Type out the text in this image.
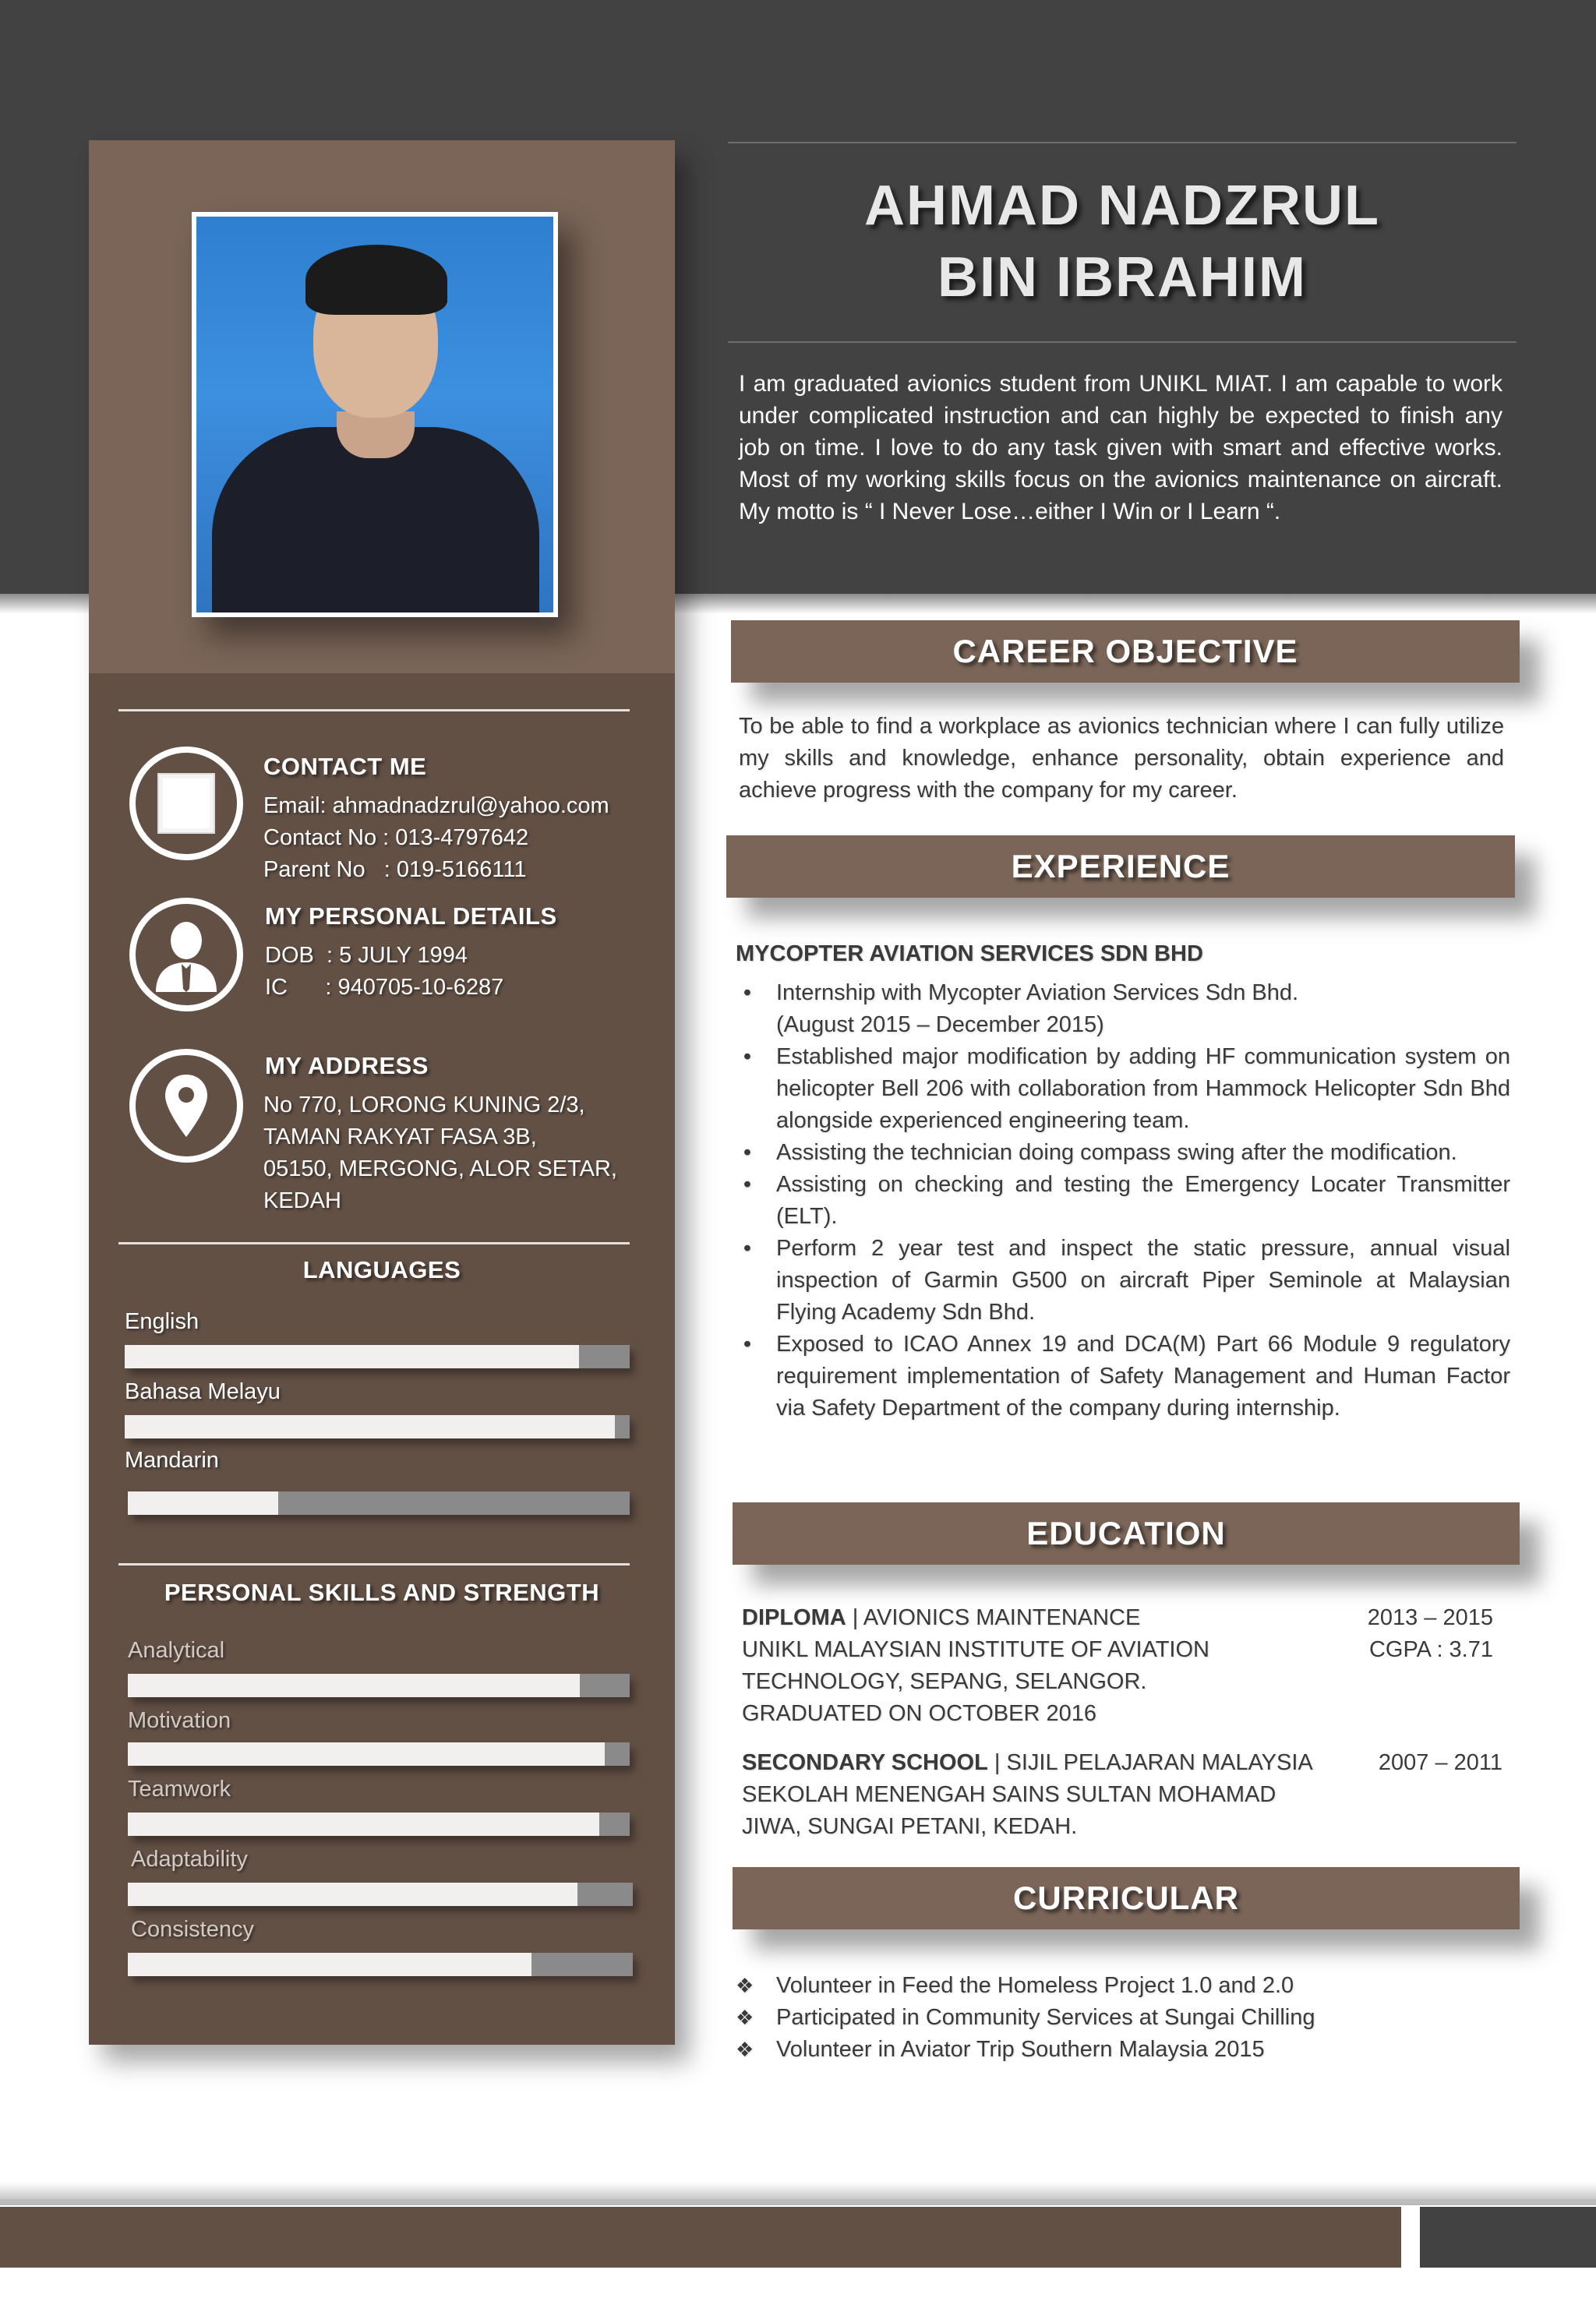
CONTACT ME
Email: ahmadnadzrul@yahoo.com
Contact No : 013-4797642
Parent No   : 019-5166111
MY PERSONAL DETAILS
DOB  : 5 JULY 1994
IC      : 940705-10-6287
MY ADDRESS
No 770, LORONG KUNING 2/3,
TAMAN RAKYAT FASA 3B,
05150, MERGONG, ALOR SETAR,
KEDAH
LANGUAGES
English
Bahasa Melayu
Mandarin
PERSONAL SKILLS AND STRENGTH
Analytical
Motivation
Teamwork
Adaptability
Consistency
AHMAD NADZRUL
BIN IBRAHIM
I am graduated avionics student from UNIKL MIAT. I am capable to work under complicated instruction and can highly be expected to finish any job on time. I love to do any task given with smart and effective works. Most of my working skills focus on the avionics maintenance on aircraft. My motto is “ I Never Lose…either I Win or I Learn “.
CAREER OBJECTIVE
To be able to find a workplace as avionics technician where I can fully utilize my skills and knowledge, enhance personality, obtain experience and achieve progress with the company for my career.
EXPERIENCE
MYCOPTER AVIATION SERVICES SDN BHD
•	Internship with Mycopter Aviation Services Sdn Bhd.
(August 2015 – December 2015)
•	Established major modification by adding HF communication system on helicopter Bell 206 with collaboration from Hammock Helicopter Sdn Bhd alongside experienced engineering team.
•	Assisting the technician doing compass swing after the modification.
•	Assisting on checking and testing the Emergency Locater Transmitter (ELT).
•	Perform 2 year test and inspect the static pressure, annual visual inspection of Garmin G500 on aircraft Piper Seminole at Malaysian Flying Academy Sdn Bhd.
•	Exposed to ICAO Annex 19 and DCA(M) Part 66 Module 9 regulatory requirement implementation of Safety Management and Human Factor via Safety Department of the company during internship.
EDUCATION
DIPLOMA | AVIONICS MAINTENANCE
UNIKL MALAYSIAN INSTITUTE OF AVIATION
TECHNOLOGY, SEPANG, SELANGOR.
GRADUATED ON OCTOBER 2016
2013 – 2015
CGPA : 3.71
SECONDARY SCHOOL | SIJIL PELAJARAN MALAYSIA
SEKOLAH MENENGAH SAINS SULTAN MOHAMAD
JIWA, SUNGAI PETANI, KEDAH.
2007 – 2011
CURRICULAR
❖ Volunteer in Feed the Homeless Project 1.0 and 2.0
❖ Participated in Community Services at Sungai Chilling
❖ Volunteer in Aviator Trip Southern Malaysia 2015
